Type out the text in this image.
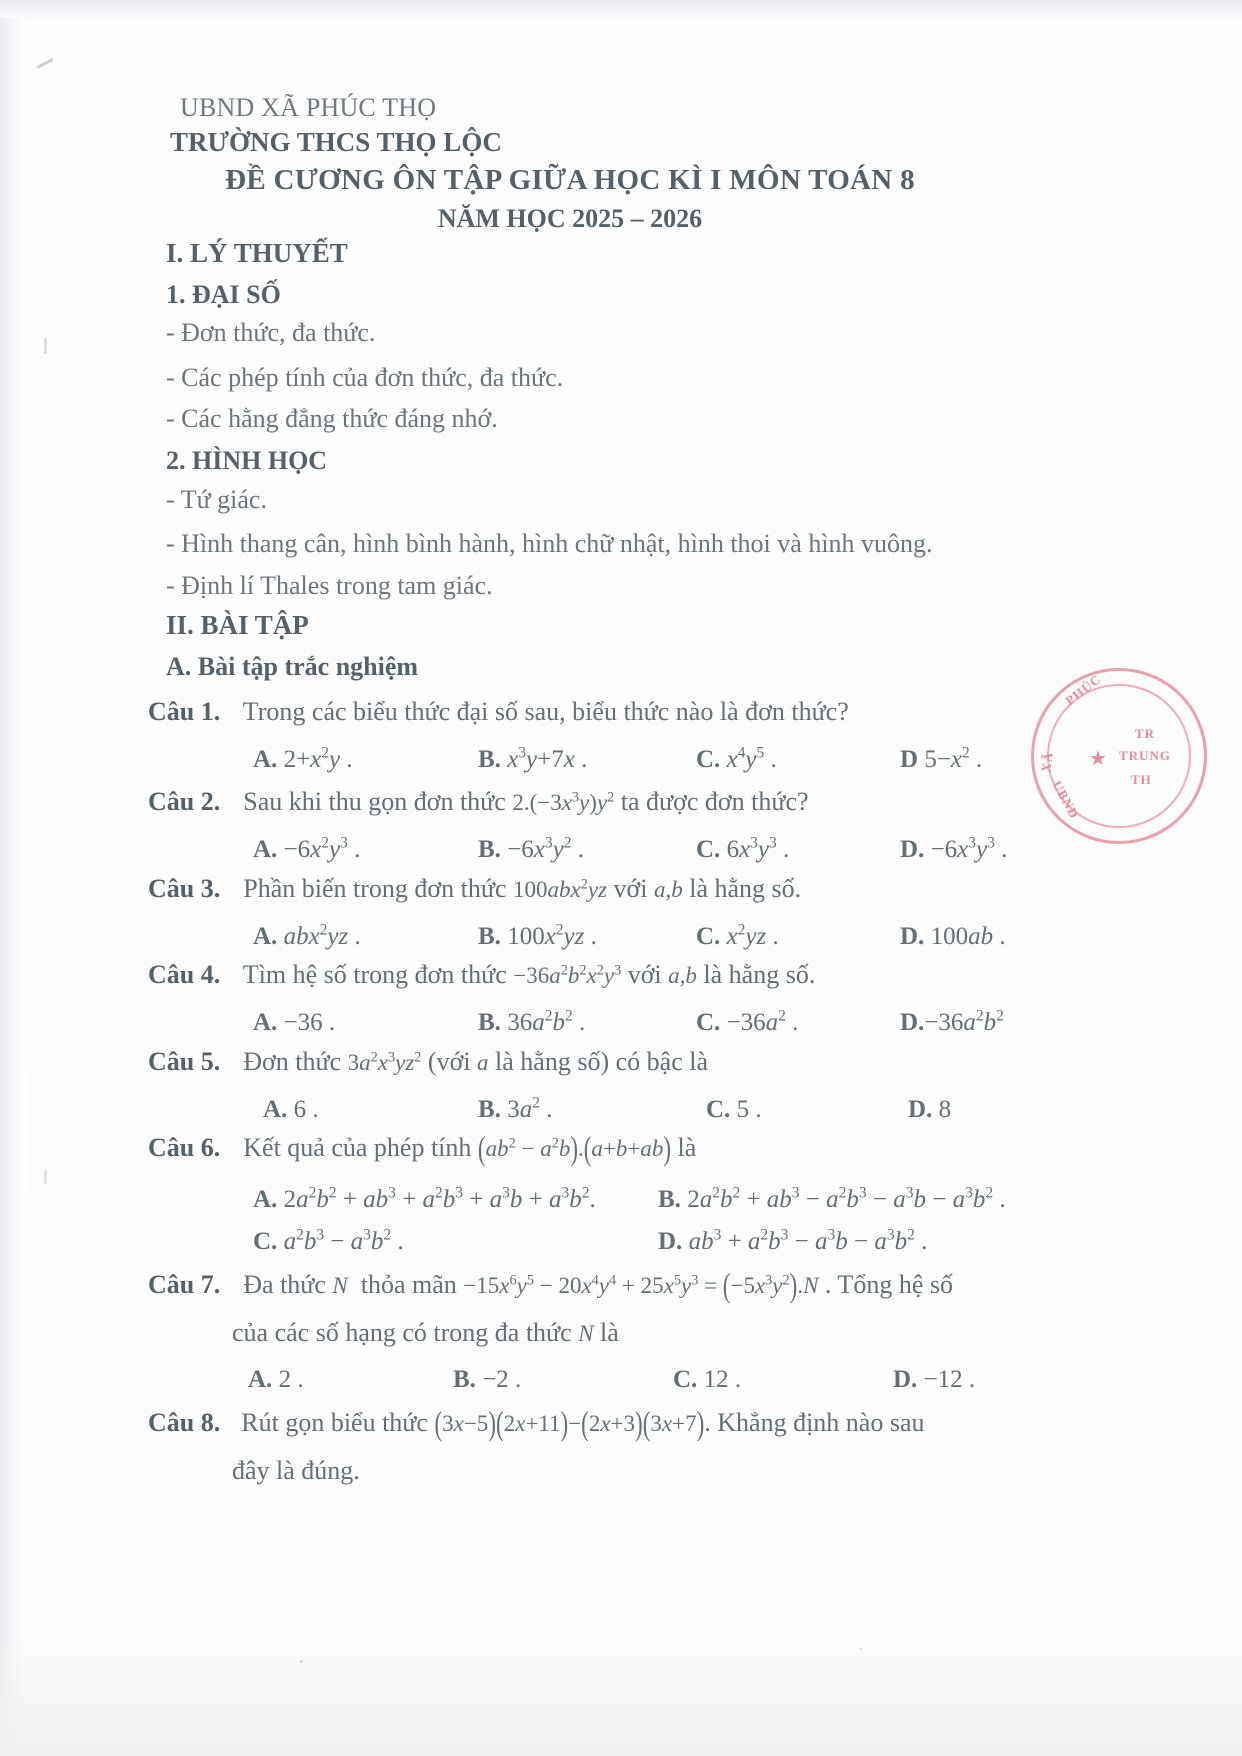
UBND XÃ PHÚC THỌ
TRƯỜNG THCS THỌ LỘC
ĐỀ CƯƠNG ÔN TẬP GIỮA HỌC KÌ I MÔN TOÁN 8
NĂM HỌC 2025 – 2026
I. LÝ THUYẾT
1. ĐẠI SỐ
- Đơn thức, đa thức.
- Các phép tính của đơn thức, đa thức.
- Các hằng đẳng thức đáng nhớ.
2. HÌNH HỌC
- Tứ giác.
- Hình thang cân, hình bình hành, hình chữ nhật, hình thoi và hình vuông.
- Định lí Thales trong tam giác.
II. BÀI TẬP
A. Bài tập trắc nghiệm
Câu 1. Trong các biểu thức đại số sau, biểu thức nào là đơn thức?
A. $2+x^2y$ .	B. $x^3y+7x$ .	C. $x^4y^5$ .	D $5-x^2$ .
Câu 2. Sau khi thu gọn đơn thức $2.(-3x^3y)y^2$ ta được đơn thức?
A. $-6x^2y^3$ .	B. $-6x^3y^2$ .	C. $6x^3y^3$ .	D. $-6x^3y^3$ .
Câu 3. Phần biến trong đơn thức 100abx$^2$yz với a,b là hằng số.
A. abx$^2$yz .	B. $100x^2yz$ .	C. $x^2yz$ .	D. 100ab .
Câu 4. Tìm hệ số trong đơn thức $-36a^2b^2x^2y^3$ với a,b là hằng số.
A. −36 .	B. $36a^2b^2$ .	C. $-36a^2$ .	$D.-36a^2b^2$
Câu 5. Đơn thức $3a^2x^3yz^2$ (với a là hằng số) có bậc là
A. 6 .	B. $3a^2$ .	C. 5 .	D. 8
Câu 6. Kết quả của phép tính $(ab^2 - a^2b).(a+b+ab)$ là
A. $2a^2b^2 + ab^3 + a^2b^3 + a^3b + a^3b^2$. B. $2a^2b^2 + ab^3 - a^2b^3 - a^3b - a^3b^2$ .
C. $a^2b^3 - a^3b^2$ .	D. $ab^3 + a^2b^3 - a^3b - a^3b^2$ .
Câu 7. Đa thức N  thỏa mãn $-15x^6y^5 - 20x^4y^4 + 25x^5y^3 = (-5x^3y^2).N$ . Tổng hệ số
của các số hạng có trong đa thức N là
A. 2 .	B. −2 .	C. 12 .	D. −12 .
Câu 8. Rút gọn biểu thức (3x−5)(2x+11)−(2x+3)(3x+7). Khẳng định nào sau
đây là đúng.
PHÚC
XÃ
TR
TRUNG
TH
UBND
★
